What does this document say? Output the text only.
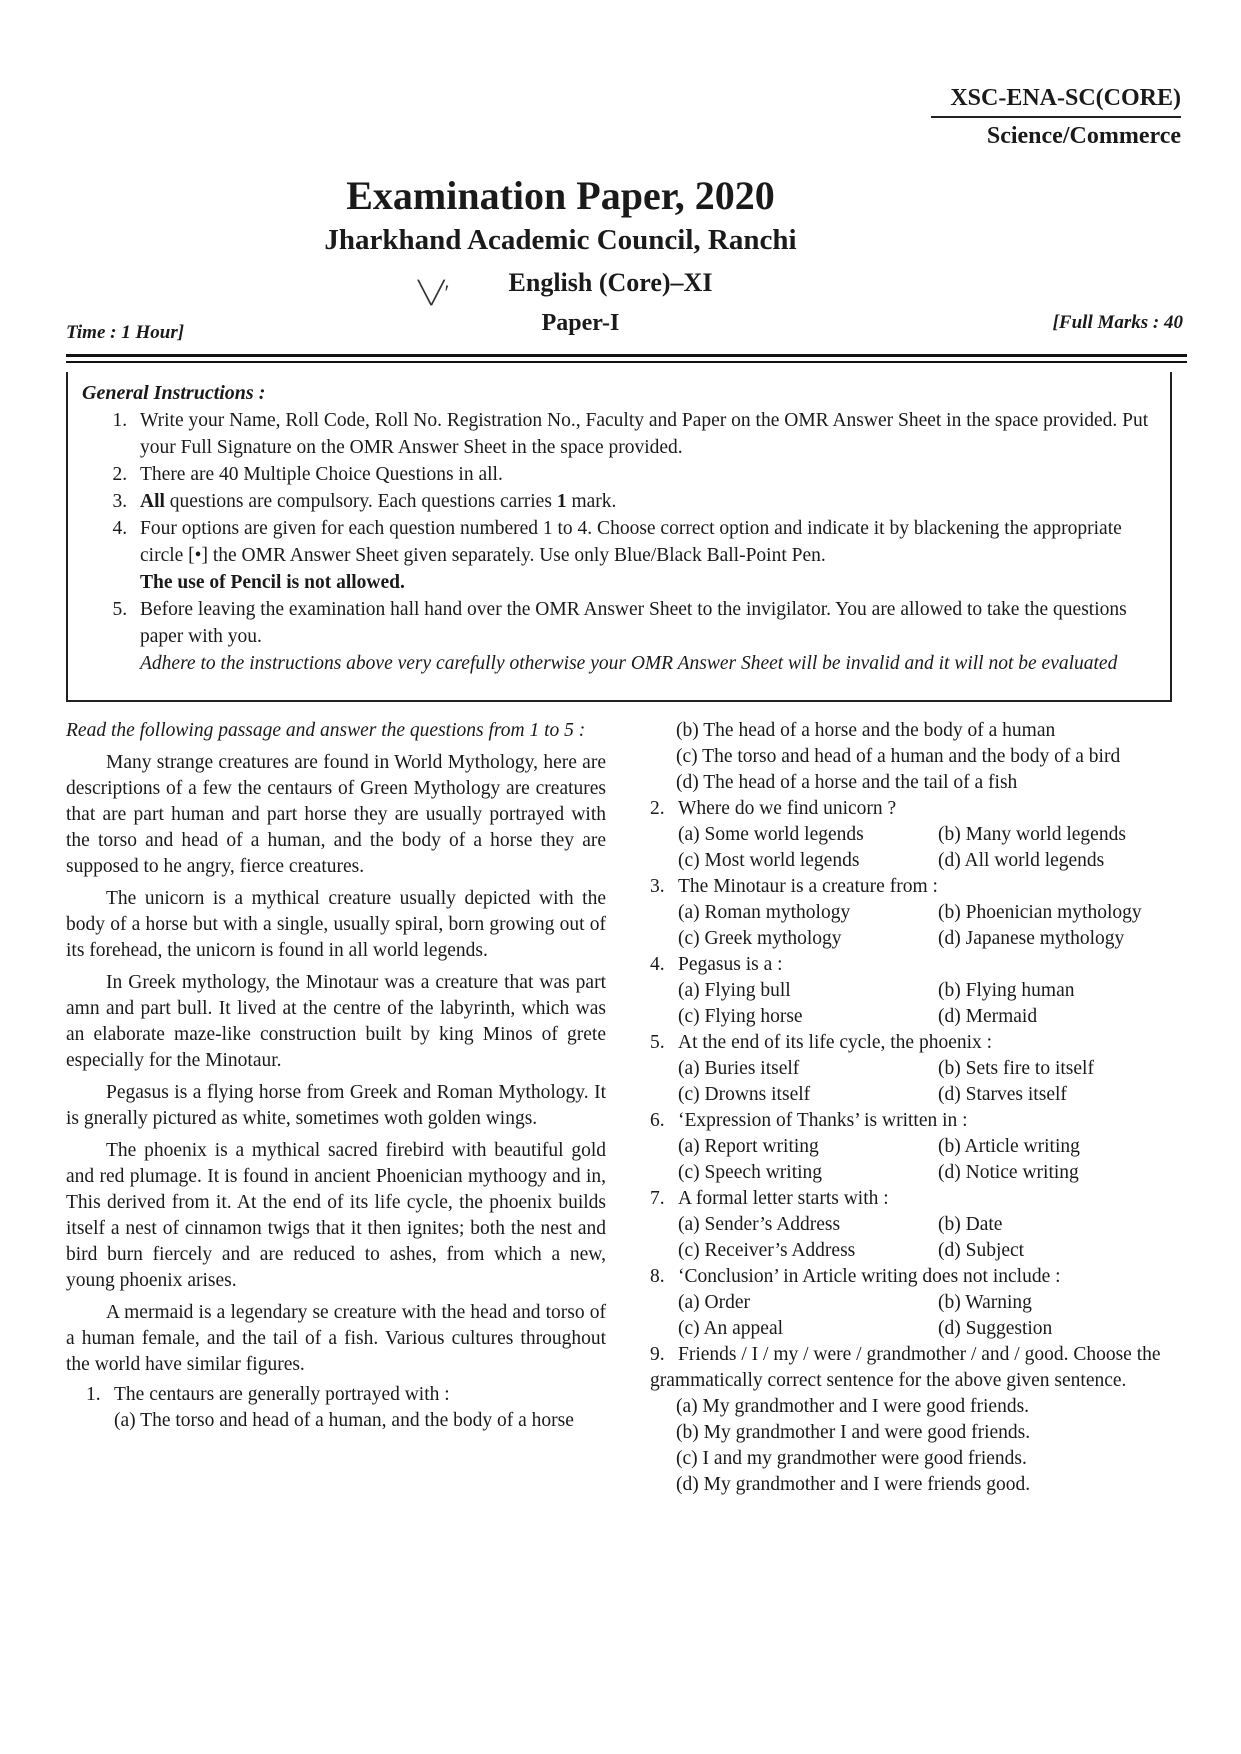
XSC-ENA-SC(CORE)
Science/Commerce
Examination Paper, 2020
Jharkhand Academic Council, Ranchi
╲╱′	English (Core)–XI
Paper-I
Time : 1 Hour]	[Full Marks : 40
General Instructions :
1. Write your Name, Roll Code, Roll No. Registration No., Faculty and Paper on the OMR Answer Sheet in the space provided. Put your Full Signature on the OMR Answer Sheet in the space provided.
2. There are 40 Multiple Choice Questions in all.
3. All questions are compulsory. Each questions carries 1 mark.
4. Four options are given for each question numbered 1 to 4. Choose correct option and indicate it by blackening the appropriate circle [•] the OMR Answer Sheet given separately. Use only Blue/Black Ball-Point Pen.
The use of Pencil is not allowed.
5. Before leaving the examination hall hand over the OMR Answer Sheet to the invigilator. You are allowed to take the questions paper with you.
Adhere to the instructions above very carefully otherwise your OMR Answer Sheet will be invalid and it will not be evaluated
Read the following passage and answer the questions from 1 to 5 :

Many strange creatures are found in World Mythology, here are descriptions of a few the centaurs of Green Mythology are creatures that are part human and part horse they are usually portrayed with the torso and head of a human, and the body of a horse they are supposed to he angry, fierce creatures.

The unicorn is a mythical creature usually depicted with the body of a horse but with a single, usually spiral, born growing out of its forehead, the unicorn is found in all world legends.

In Greek mythology, the Minotaur was a creature that was part amn and part bull. It lived at the centre of the labyrinth, which was an elaborate maze-like construction built by king Minos of grete especially for the Minotaur.

Pegasus is a flying horse from Greek and Roman Mythology. It is gnerally pictured as white, sometimes woth golden wings.

The phoenix is a mythical sacred firebird with beautiful gold and red plumage. It is found in ancient Phoenician mythoogy and in, This derived from it. At the end of its life cycle, the phoenix builds itself a nest of cinnamon twigs that it then ignites; both the nest and bird burn fiercely and are reduced to ashes, from which a new, young phoenix arises.

A mermaid is a legendary se creature with the head and torso of a human female, and the tail of a fish. Various cultures throughout the world have similar figures.

1. The centaurs are generally portrayed with :
(a) The torso and head of a human, and the body of a horse
(b) The head of a horse and the body of a human
(c) The torso and head of a human and the body of a bird
(d) The head of a horse and the tail of a fish
2. Where do we find unicorn ?
(a) Some world legends	(b) Many world legends
(c) Most world legends	(d) All world legends
3. The Minotaur is a creature from :
(a) Roman mythology	(b) Phoenician mythology
(c) Greek mythology	(d) Japanese mythology
4. Pegasus is a :
(a) Flying bull	(b) Flying human
(c) Flying horse	(d) Mermaid
5. At the end of its life cycle, the phoenix :
(a) Buries itself	(b) Sets fire to itself
(c) Drowns itself	(d) Starves itself
6. ‘Expression of Thanks’ is written in :
(a) Report writing	(b) Article writing
(c) Speech writing	(d) Notice writing
7. A formal letter starts with :
(a) Sender’s Address	(b) Date
(c) Receiver’s Address	(d) Subject
8. ‘Conclusion’ in Article writing does not include :
(a) Order	(b) Warning
(c) An appeal	(d) Suggestion
9. Friends / I / my / were / grandmother / and / good. Choose the grammatically correct sentence for the above given sentence.
(a) My grandmother and I were good friends.
(b) My grandmother I and were good friends.
(c) I and my grandmother were good friends.
(d) My grandmother and I were friends good.
